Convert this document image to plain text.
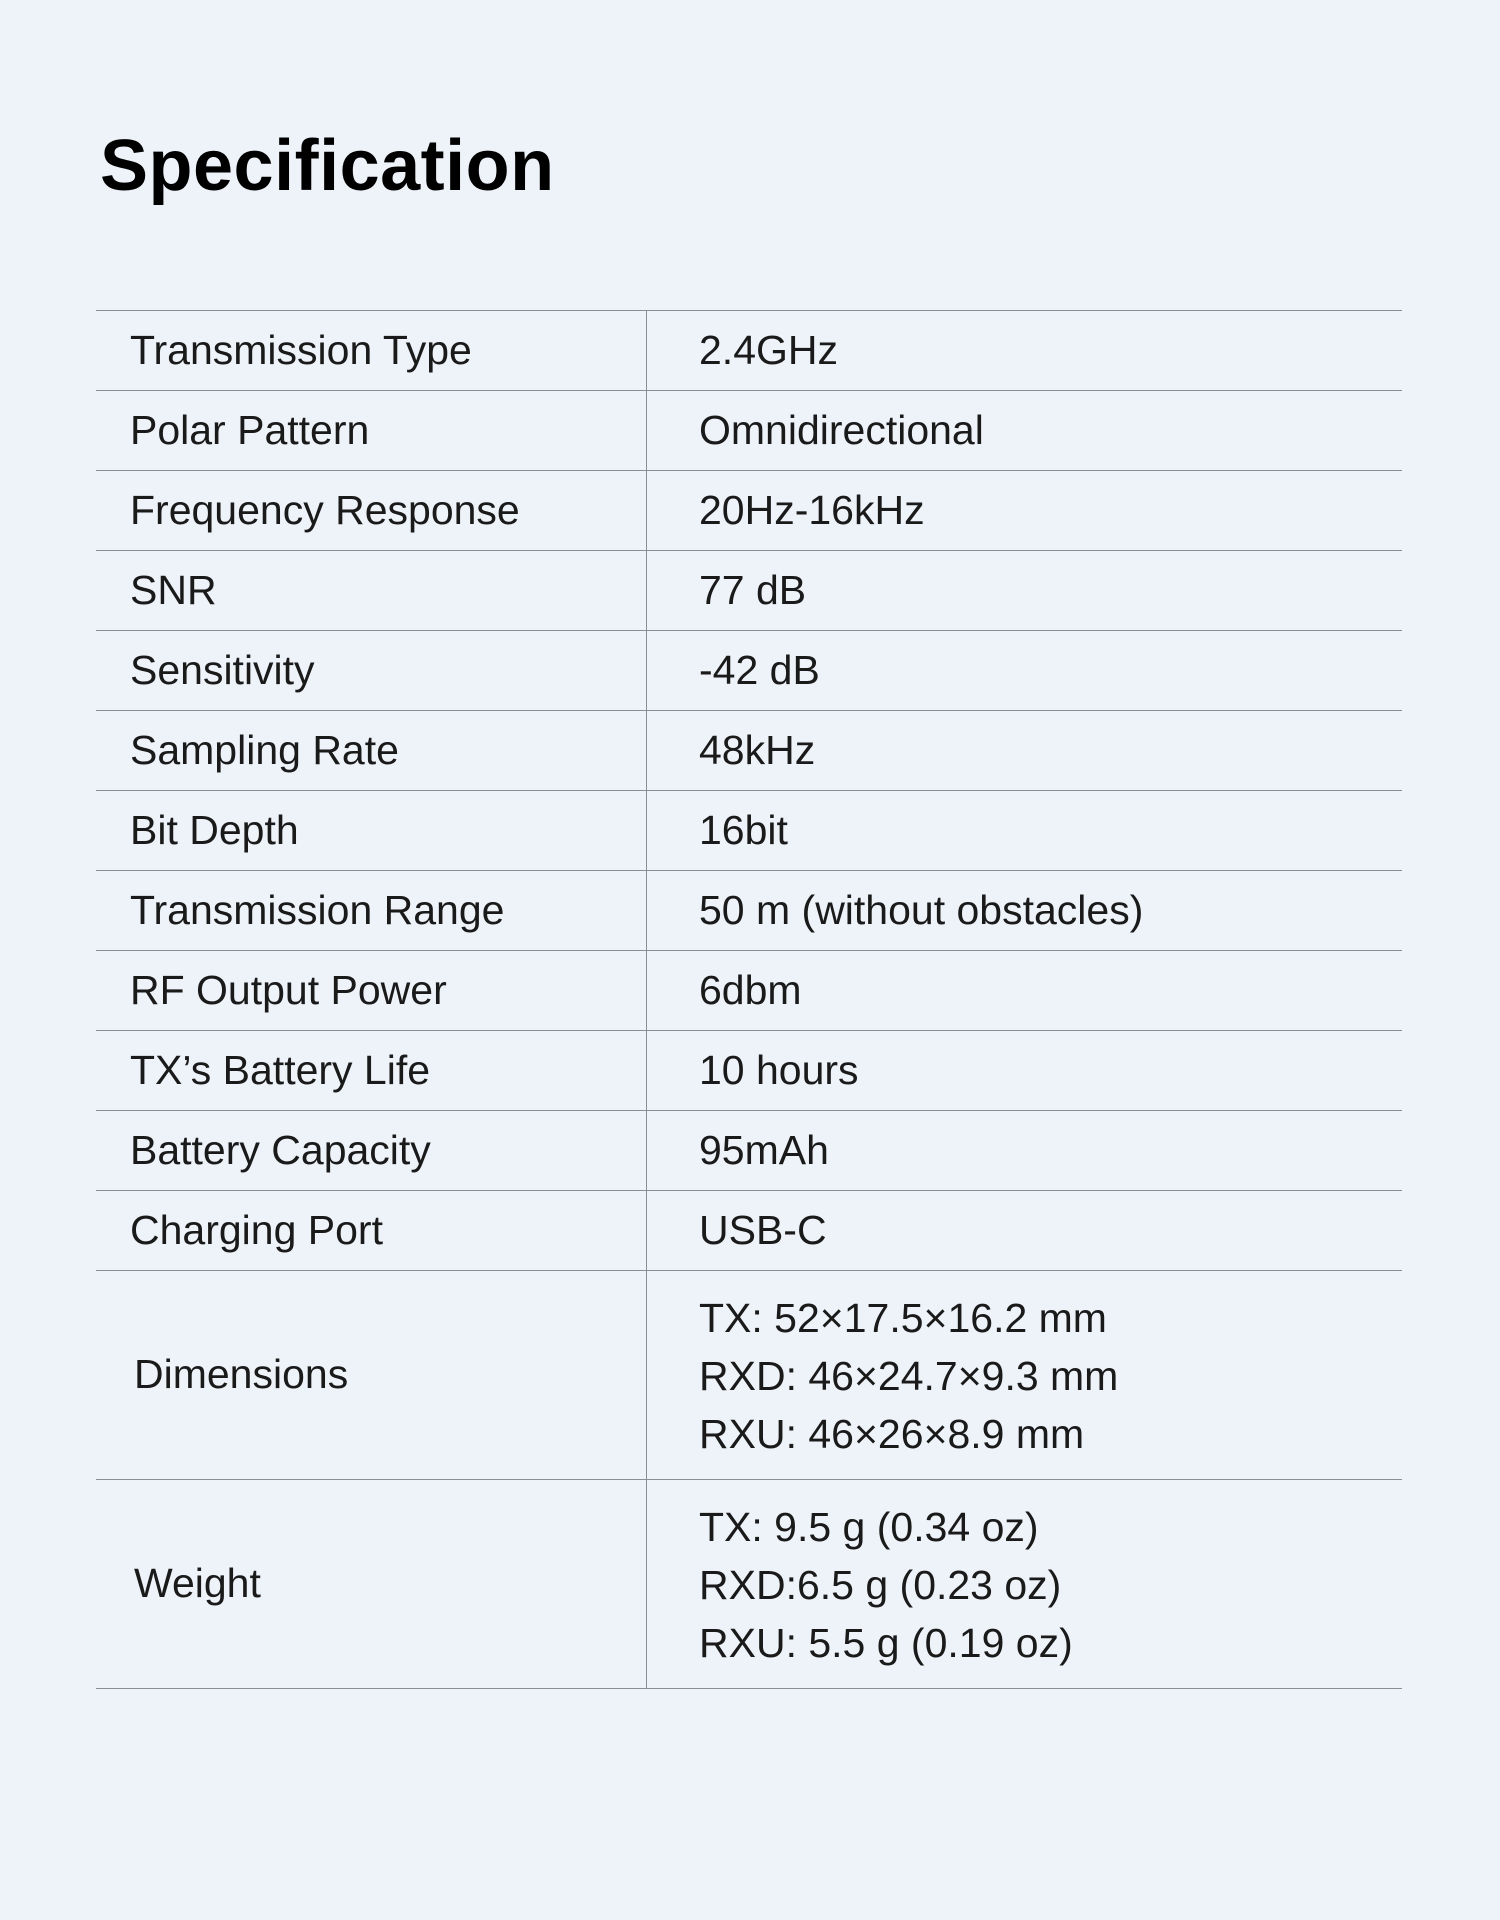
Specification
Transmission Type	2.4GHz
Polar Pattern	Omnidirectional
Frequency Response	20Hz-16kHz
SNR	77 dB
Sensitivity	-42 dB
Sampling Rate	48kHz
Bit Depth	16bit
Transmission Range	50 m (without obstacles)
RF Output Power	6dbm
TX’s Battery Life	10 hours
Battery Capacity	95mAh
Charging Port	USB-C
Dimensions	TX: 52×17.5×16.2 mm
RXD: 46×24.7×9.3 mm
RXU: 46×26×8.9 mm

Weight	TX: 9.5 g (0.34 oz)
RXD:6.5 g (0.23 oz)
RXU: 5.5 g (0.19 oz)
